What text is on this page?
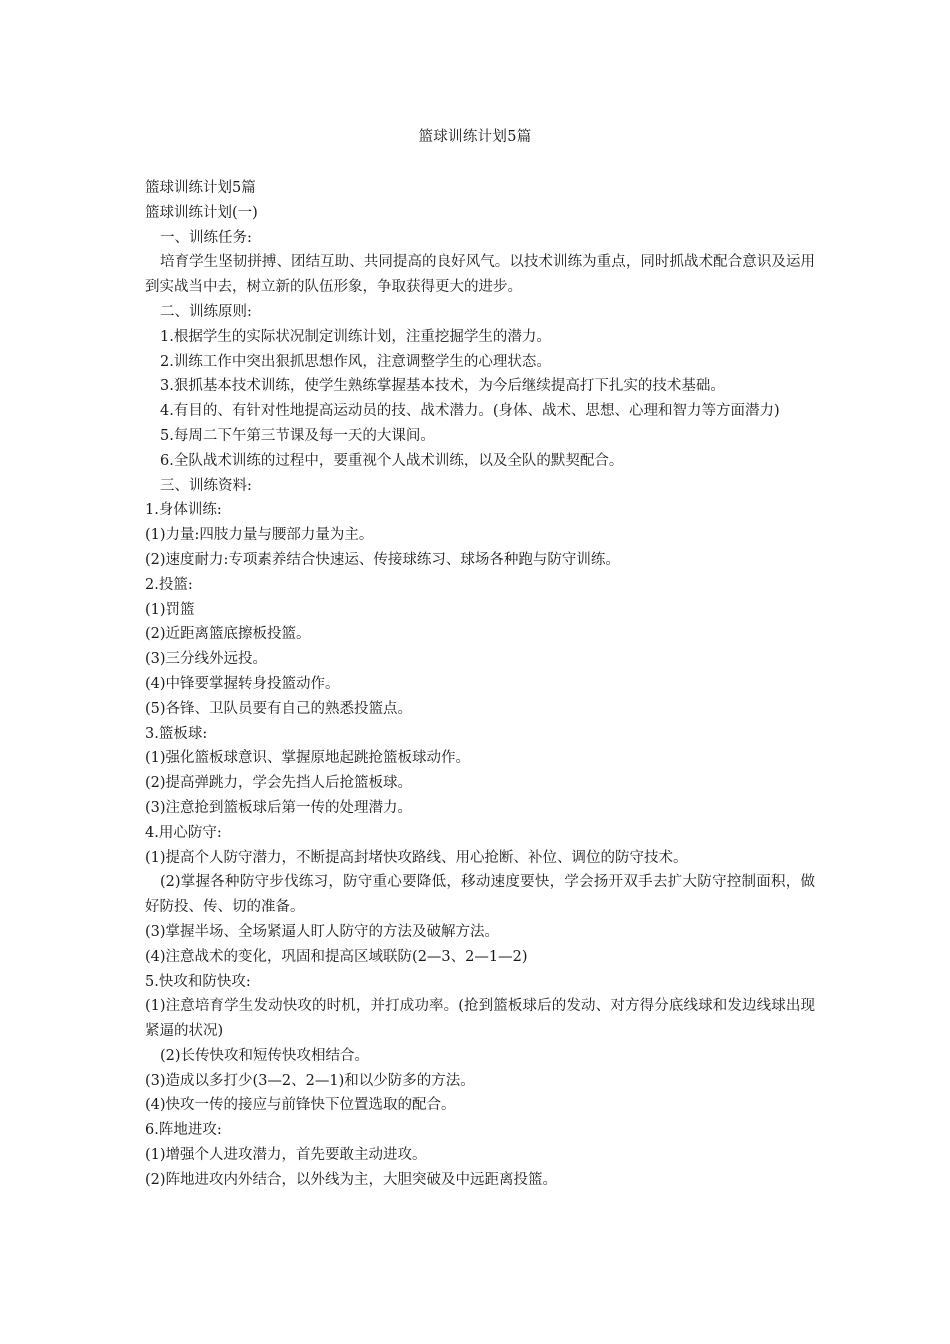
篮球训练计划5篇
篮球训练计划5篇
篮球训练计划(一)
一、训练任务:
培育学生坚韧拼搏、团结互助、共同提高的良好风气。以技术训练为重点，同时抓战术配合意识及运用到实战当中去，树立新的队伍形象，争取获得更大的进步。
二、训练原则:
1.根据学生的实际状况制定训练计划，注重挖掘学生的潜力。
2.训练工作中突出狠抓思想作风，注意调整学生的心理状态。
3.狠抓基本技术训练，使学生熟练掌握基本技术，为今后继续提高打下扎实的技术基础。
4.有目的、有针对性地提高运动员的技、战术潜力。(身体、战术、思想、心理和智力等方面潜力)
5.每周二下午第三节课及每一天的大课间。
6.全队战术训练的过程中，要重视个人战术训练，以及全队的默契配合。
三、训练资料:
1.身体训练:
(1)力量:四肢力量与腰部力量为主。
(2)速度耐力:专项素养结合快速运、传接球练习、球场各种跑与防守训练。
2.投篮:
(1)罚篮
(2)近距离篮底擦板投篮。
(3)三分线外远投。
(4)中锋要掌握转身投篮动作。
(5)各锋、卫队员要有自己的熟悉投篮点。
3.篮板球:
(1)强化篮板球意识、掌握原地起跳抢篮板球动作。
(2)提高弹跳力，学会先挡人后抢篮板球。
(3)注意抢到篮板球后第一传的处理潜力。
4.用心防守:
(1)提高个人防守潜力，不断提高封堵快攻路线、用心抢断、补位、调位的防守技术。
(2)掌握各种防守步伐练习，防守重心要降低，移动速度要快，学会扬开双手去扩大防守控制面积，做好防投、传、切的准备。
(3)掌握半场、全场紧逼人盯人防守的方法及破解方法。
(4)注意战术的变化，巩固和提高区域联防(2—3、2—1—2)
5.快攻和防快攻:
(1)注意培育学生发动快攻的时机，并打成功率。(抢到篮板球后的发动、对方得分底线球和发边线球出现紧逼的状况)
(2)长传快攻和短传快攻相结合。
(3)造成以多打少(3—2、2—1)和以少防多的方法。
(4)快攻一传的接应与前锋快下位置选取的配合。
6.阵地进攻:
(1)增强个人进攻潜力，首先要敢主动进攻。
(2)阵地进攻内外结合，以外线为主，大胆突破及中远距离投篮。
